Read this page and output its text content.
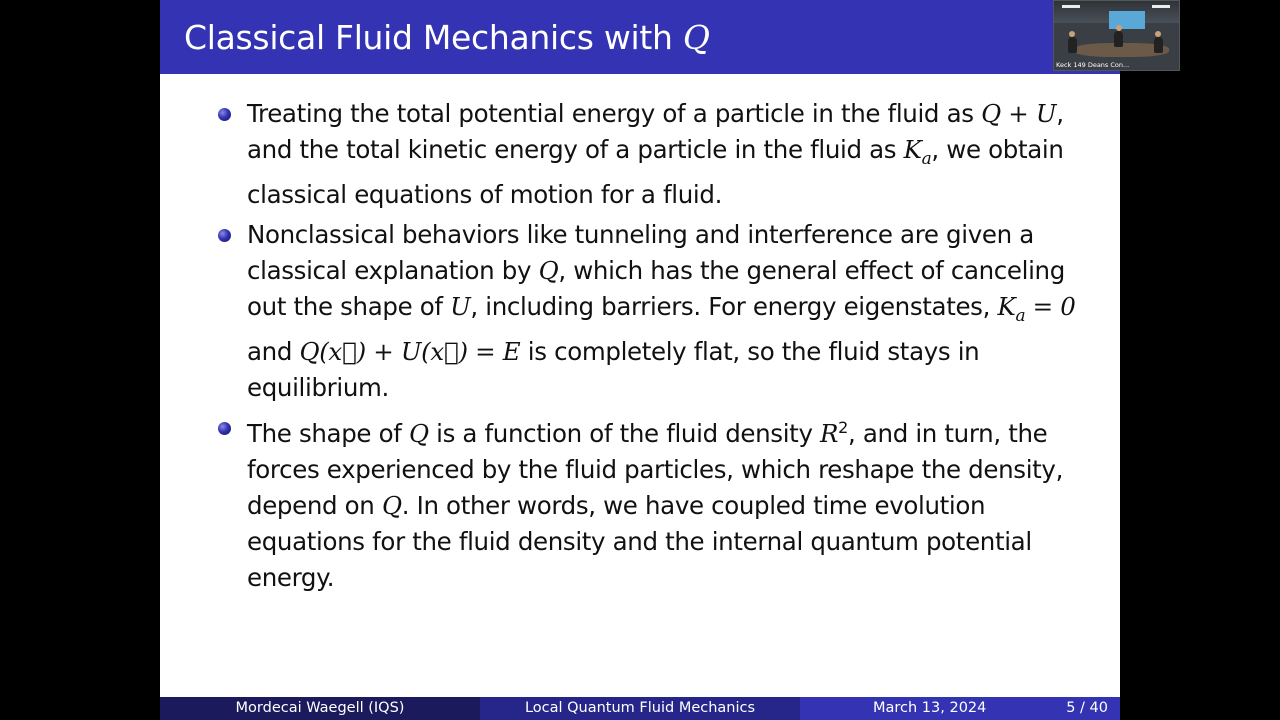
Classical Fluid Mechanics with Q
Treating the total potential energy of a particle in the fluid as Q + U, and the total kinetic energy of a particle in the fluid as $K_a$, we obtain classical equations of motion for a fluid.
Nonclassical behaviors like tunneling and interference are given a classical explanation by Q, which has the general effect of canceling out the shape of U, including barriers. For energy eigenstates, $K_a = 0$ and Q(x⃗) + U(x⃗) = E is completely flat, so the fluid stays in equilibrium.
The shape of Q is a function of the fluid density $R^2$, and in turn, the forces experienced by the fluid particles, which reshape the density, depend on Q. In other words, we have coupled time evolution equations for the fluid density and the internal quantum potential energy.
Mordecai Waegell (IQS)	Local Quantum Fluid Mechanics	March 13, 2024	5 / 40
Keck 149 Deans Con...
